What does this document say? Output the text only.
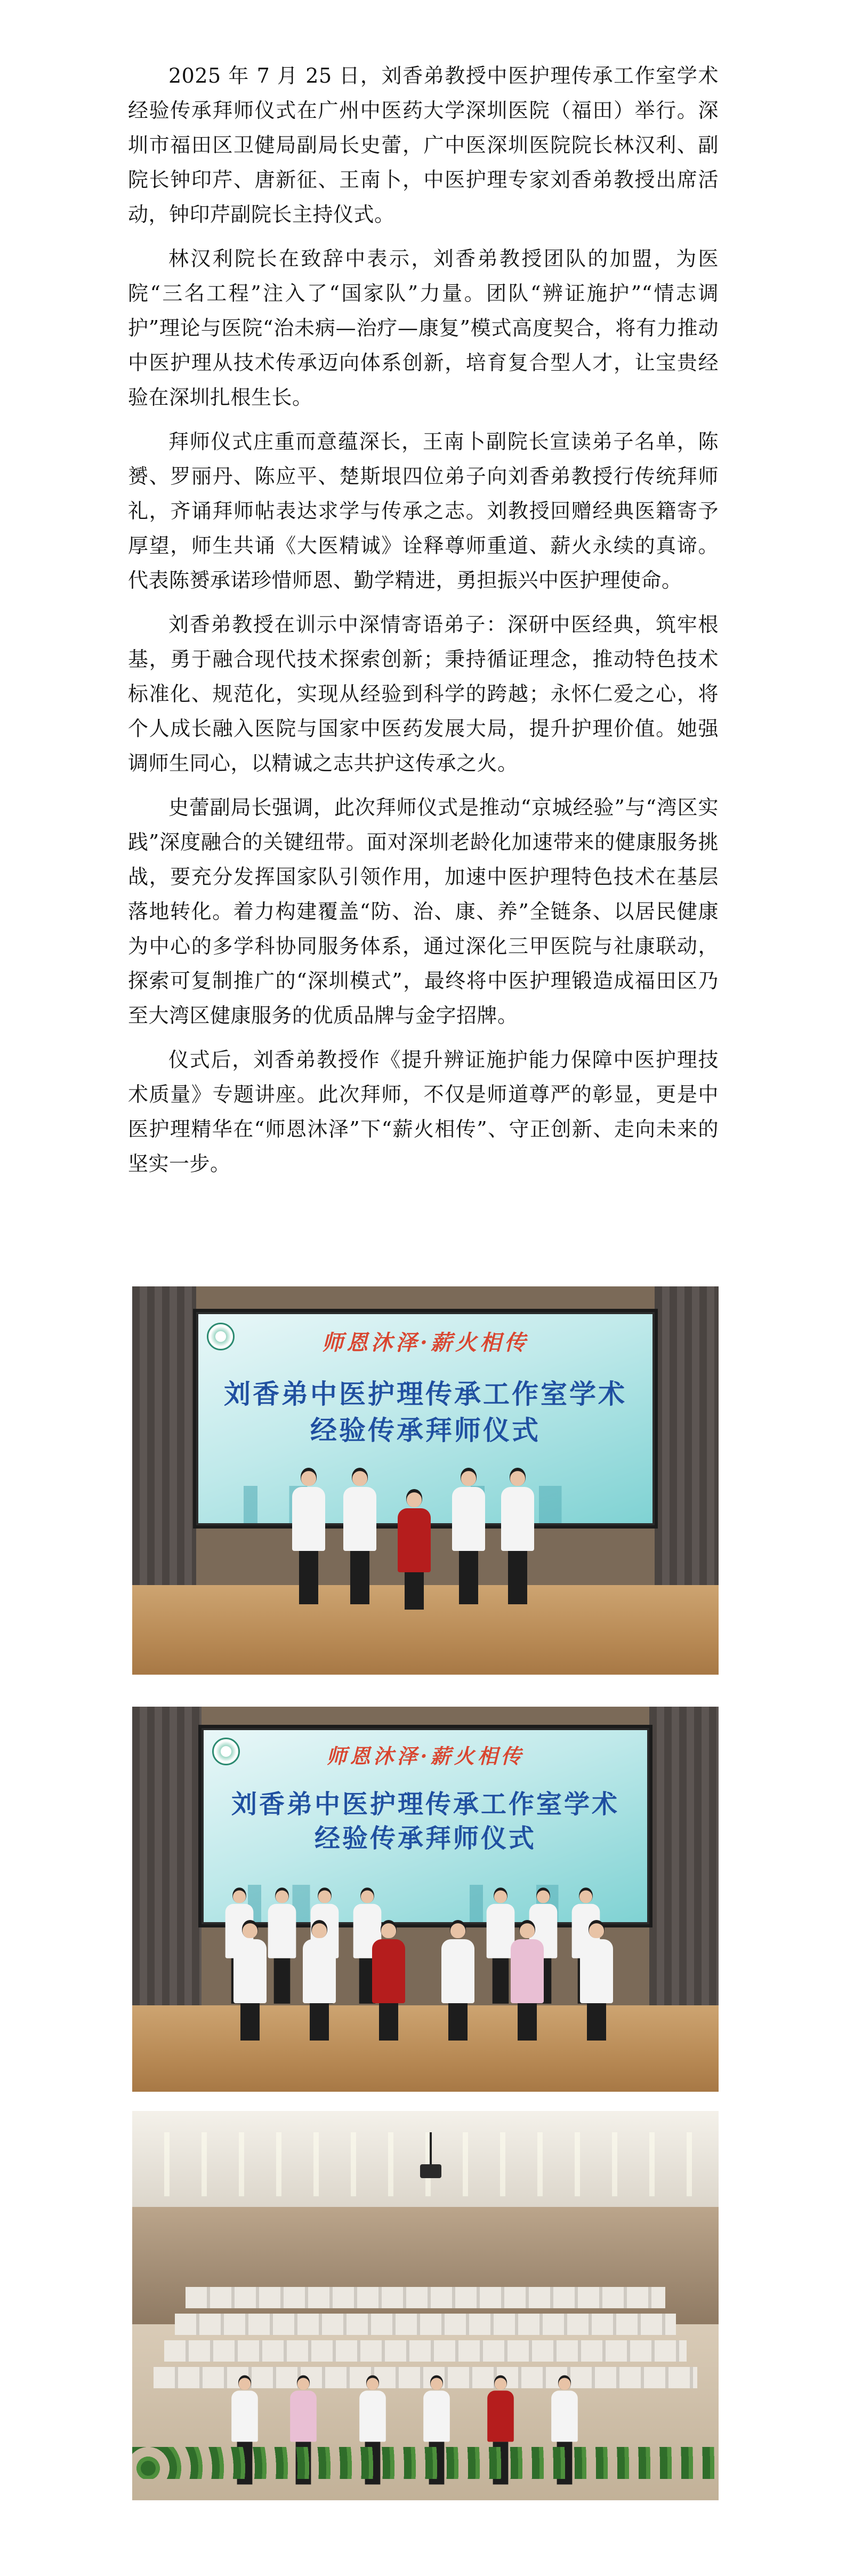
2025 年 7 月 25 日，刘香弟教授中医护理传承工作室学术经验传承拜师仪式在广州中医药大学深圳医院（福田）举行。深圳市福田区卫健局副局长史蕾，广中医深圳医院院长林汉利、副院长钟印芹、唐新征、王南卜，中医护理专家刘香弟教授出席活动，钟印芹副院长主持仪式。

林汉利院长在致辞中表示，刘香弟教授团队的加盟，为医院“三名工程”注入了“国家队”力量。团队“辨证施护”“情志调护”理论与医院“治未病—治疗—康复”模式高度契合，将有力推动中医护理从技术传承迈向体系创新，培育复合型人才，让宝贵经验在深圳扎根生长。

拜师仪式庄重而意蕴深长，王南卜副院长宣读弟子名单，陈赟、罗丽丹、陈应平、楚斯垠四位弟子向刘香弟教授行传统拜师礼，齐诵拜师帖表达求学与传承之志。刘教授回赠经典医籍寄予厚望，师生共诵《大医精诚》诠释尊师重道、薪火永续的真谛。代表陈赟承诺珍惜师恩、勤学精进，勇担振兴中医护理使命。

刘香弟教授在训示中深情寄语弟子：深研中医经典，筑牢根基，勇于融合现代技术探索创新；秉持循证理念，推动特色技术标准化、规范化，实现从经验到科学的跨越；永怀仁爱之心，将个人成长融入医院与国家中医药发展大局，提升护理价值。她强调师生同心，以精诚之志共护这传承之火。

史蕾副局长强调，此次拜师仪式是推动“京城经验”与“湾区实践”深度融合的关键纽带。面对深圳老龄化加速带来的健康服务挑战，要充分发挥国家队引领作用，加速中医护理特色技术在基层落地转化。着力构建覆盖“防、治、康、养”全链条、以居民健康为中心的多学科协同服务体系，通过深化三甲医院与社康联动，探索可复制推广的“深圳模式”，最终将中医护理锻造成福田区乃至大湾区健康服务的优质品牌与金字招牌。

仪式后，刘香弟教授作《提升辨证施护能力保障中医护理技术质量》专题讲座。此次拜师，不仅是师道尊严的彰显，更是中医护理精华在“师恩沐泽”下“薪火相传”、守正创新、走向未来的坚实一步。

师恩沐泽·薪火相传
刘香弟中医护理传承工作室学术
经验传承拜师仪式
师恩沐泽·薪火相传
刘香弟中医护理传承工作室学术
经验传承拜师仪式
